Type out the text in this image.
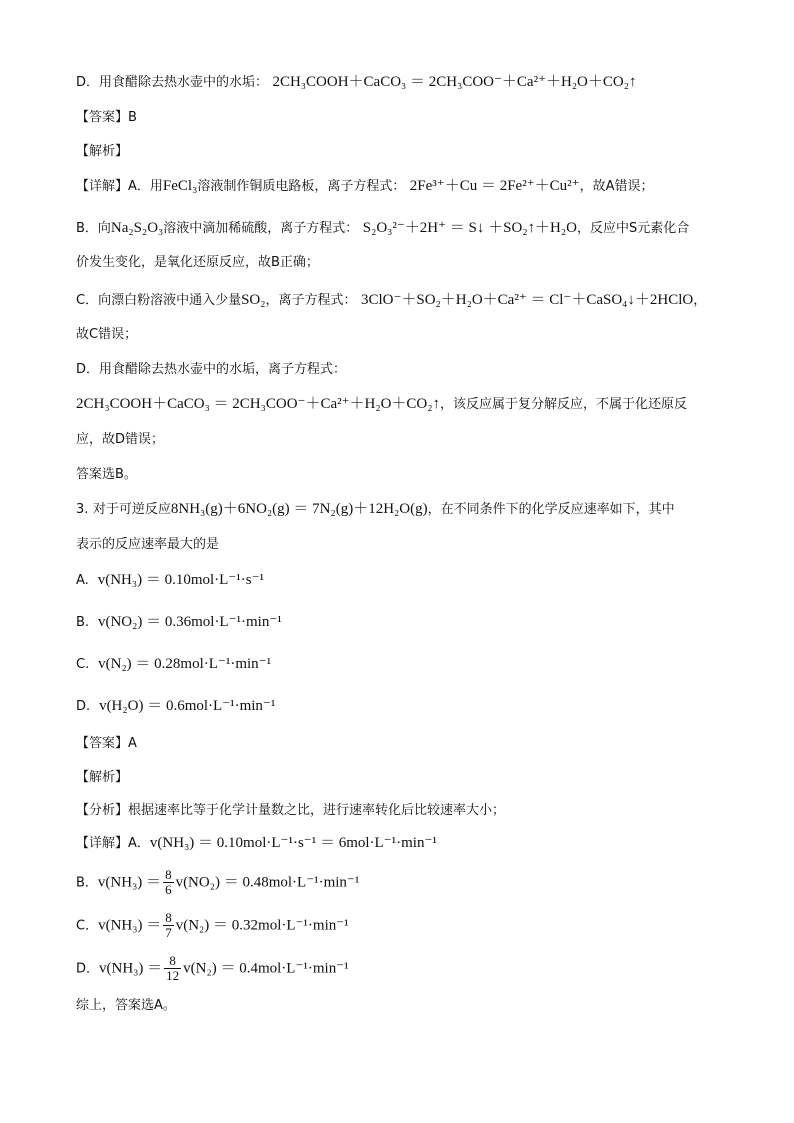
D．用食醋除去热水壶中的水垢： 2CH₃COOH＋CaCO₃ ＝ 2CH₃COO⁻＋Ca²⁺＋H₂O＋CO₂↑
【答案】B
【解析】
【详解】A．用FeCl₃溶液制作铜质电路板，离子方程式： 2Fe³⁺＋Cu ＝ 2Fe²⁺＋Cu²⁺，故A错误；
B．向Na₂S₂O₃溶液中滴加稀硫酸，离子方程式： S₂O₃²⁻＋2H⁺ ＝ S↓ ＋SO₂↑＋H₂O，反应中S元素化合
价发生变化，是氧化还原反应，故B正确；
C．向漂白粉溶液中通入少量SO₂，离子方程式： 3ClO⁻＋SO₂＋H₂O＋Ca²⁺ ＝ Cl⁻＋CaSO₄↓＋2HClO，
故C错误；
D．用食醋除去热水壶中的水垢，离子方程式：
2CH₃COOH＋CaCO₃ ＝ 2CH₃COO⁻＋Ca²⁺＋H₂O＋CO₂↑，该反应属于复分解反应，不属于化还原反
应，故D错误；
答案选B。
3. 对于可逆反应8NH₃(g)＋6NO₂(g) ＝ 7N₂(g)＋12H₂O(g)，在不同条件下的化学反应速率如下，其中
表示的反应速率最大的是
A. v(NH₃) ＝ 0.10mol·L⁻¹·s⁻¹
B. v(NO₂) ＝ 0.36mol·L⁻¹·min⁻¹
C. v(N₂) ＝ 0.28mol·L⁻¹·min⁻¹
D. v(H₂O) ＝ 0.6mol·L⁻¹·min⁻¹
【答案】A
【解析】
【分析】根据速率比等于化学计量数之比，进行速率转化后比较速率大小；
【详解】A．v(NH₃) ＝ 0.10mol·L⁻¹·s⁻¹ ＝ 6mol·L⁻¹·min⁻¹
B．$v(NH_3) = \frac{8}{6} v(NO_2) = 0.48mol\cdot L^{-1}\cdot\min^{-1}$
C．$v(NH_3) = \frac{8}{7} v(N_2) = 0.32mol\cdot L^{-1}\cdot\min^{-1}$
D．$v(NH_3) = \frac{8}{12} v(N_2) = 0.4mol\cdot L^{-1}\cdot\min^{-1}$
综上，答案选A。
